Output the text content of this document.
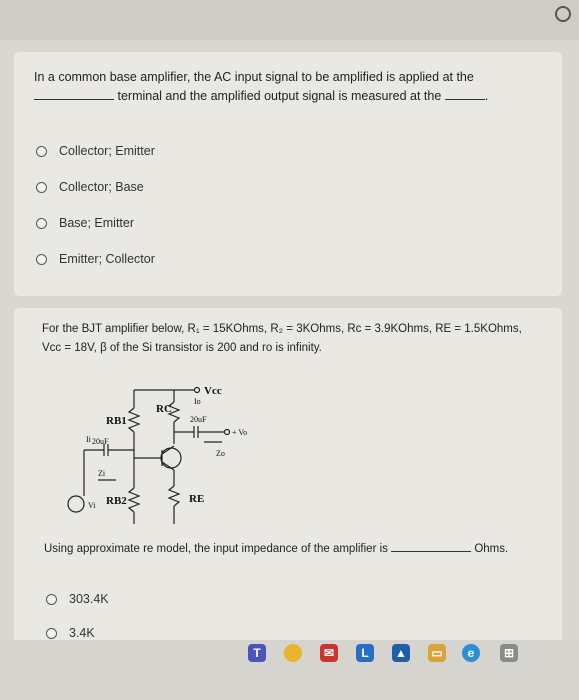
In a common base amplifier, the AC input signal to be amplified is applied at the
terminal and the amplified output signal is measured at the	.
Collector; Emitter
Collector; Base
Base; Emitter
Emitter; Collector
For the BJT amplifier below, R₁ = 15KOhms, R₂ = 3KOhms, Rc = 3.9KOhms, RE = 1.5KOhms,
Vcc = 18V, β of the Si transistor is 200 and ro is infinity.
Vcc
RB1
RB2
RC
RE
20uF
20uF
Io
Ii
Zi
Zo
+ Vo
Vi
Using approximate re model, the input impedance of the amplifier is	Ohms.
303.4K
3.4K
T	✉	L ▲ ▭	e	⊞
